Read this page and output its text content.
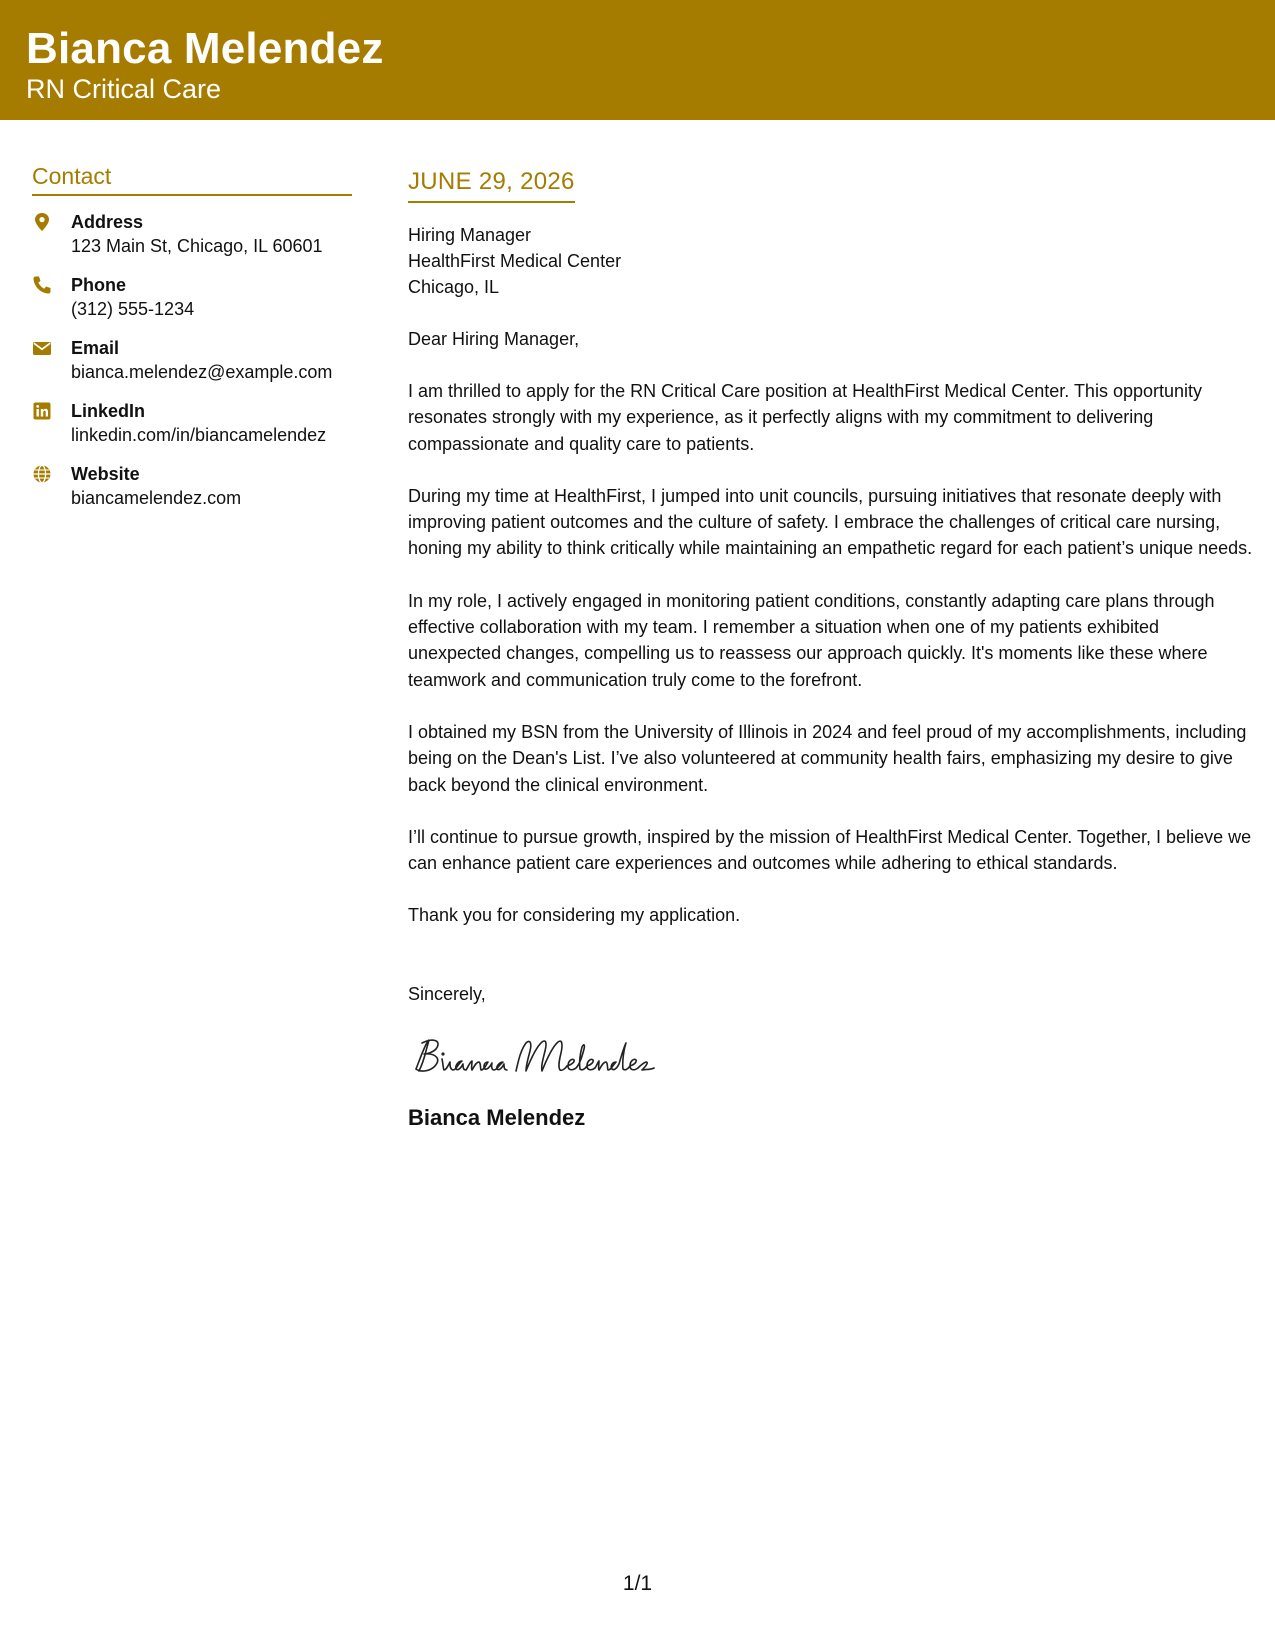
Bianca Melendez
RN Critical Care
Contact
Address
123 Main St, Chicago, IL 60601
Phone
(312) 555-1234
Email
bianca.melendez@example.com
LinkedIn
linkedin.com/in/biancamelendez
Website
biancamelendez.com
JUNE 29, 2026
Hiring Manager
HealthFirst Medical Center
Chicago, IL
Dear Hiring Manager,
I am thrilled to apply for the RN Critical Care position at HealthFirst Medical Center. This opportunity resonates strongly with my experience, as it perfectly aligns with my commitment to delivering compassionate and quality care to patients.
During my time at HealthFirst, I jumped into unit councils, pursuing initiatives that resonate deeply with improving patient outcomes and the culture of safety. I embrace the challenges of critical care nursing, honing my ability to think critically while maintaining an empathetic regard for each patient’s unique needs.
In my role, I actively engaged in monitoring patient conditions, constantly adapting care plans through effective collaboration with my team. I remember a situation when one of my patients exhibited unexpected changes, compelling us to reassess our approach quickly. It's moments like these where teamwork and communication truly come to the forefront.
I obtained my BSN from the University of Illinois in 2024 and feel proud of my accomplishments, including being on the Dean's List. I’ve also volunteered at community health fairs, emphasizing my desire to give back beyond the clinical environment.
I’ll continue to pursue growth, inspired by the mission of HealthFirst Medical Center. Together, I believe we can enhance patient care experiences and outcomes while adhering to ethical standards.
Thank you for considering my application.
Sincerely,
Bianca Melendez
1/1
